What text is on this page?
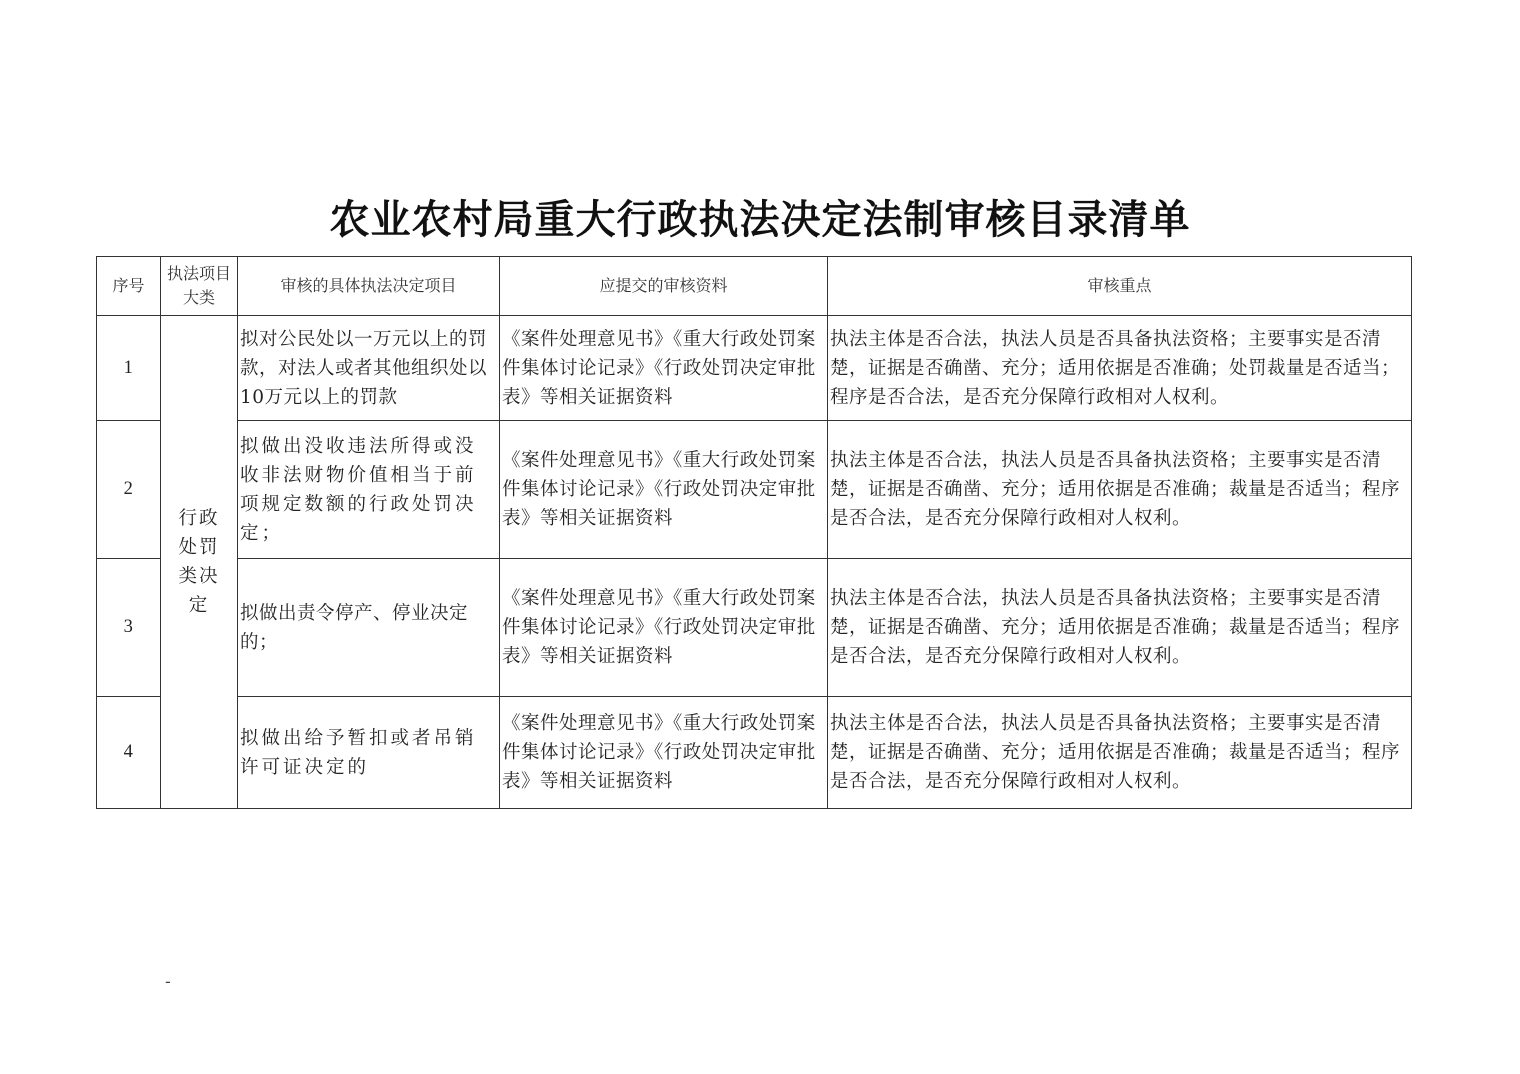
农业农村局重大行政执法决定法制审核目录清单
序号	执法项目大类	审核的具体执法决定项目	应提交的审核资料	审核重点
1	行政处罚类决定	拟对公民处以一万元以上的罚款，对法人或者其他组织处以10万元以上的罚款	《案件处理意见书》《重大行政处罚案件集体讨论记录》《行政处罚决定审批表》等相关证据资料	执法主体是否合法，执法人员是否具备执法资格；主要事实是否清楚，证据是否确凿、充分；适用依据是否准确；处罚裁量是否适当；程序是否合法，是否充分保障行政相对人权利。
2		拟做出没收违法所得或没收非法财物价值相当于前项规定数额的行政处罚决定；	《案件处理意见书》《重大行政处罚案件集体讨论记录》《行政处罚决定审批表》等相关证据资料	执法主体是否合法，执法人员是否具备执法资格；主要事实是否清楚，证据是否确凿、充分；适用依据是否准确；裁量是否适当；程序是否合法，是否充分保障行政相对人权利。
3		拟做出责令停产、停业决定的；	《案件处理意见书》《重大行政处罚案件集体讨论记录》《行政处罚决定审批表》等相关证据资料	执法主体是否合法，执法人员是否具备执法资格；主要事实是否清楚，证据是否确凿、充分；适用依据是否准确；裁量是否适当；程序是否合法，是否充分保障行政相对人权利。
4		拟做出给予暂扣或者吊销许可证决定的	《案件处理意见书》《重大行政处罚案件集体讨论记录》《行政处罚决定审批表》等相关证据资料	执法主体是否合法，执法人员是否具备执法资格；主要事实是否清楚，证据是否确凿、充分；适用依据是否准确；裁量是否适当；程序是否合法，是否充分保障行政相对人权利。
-
